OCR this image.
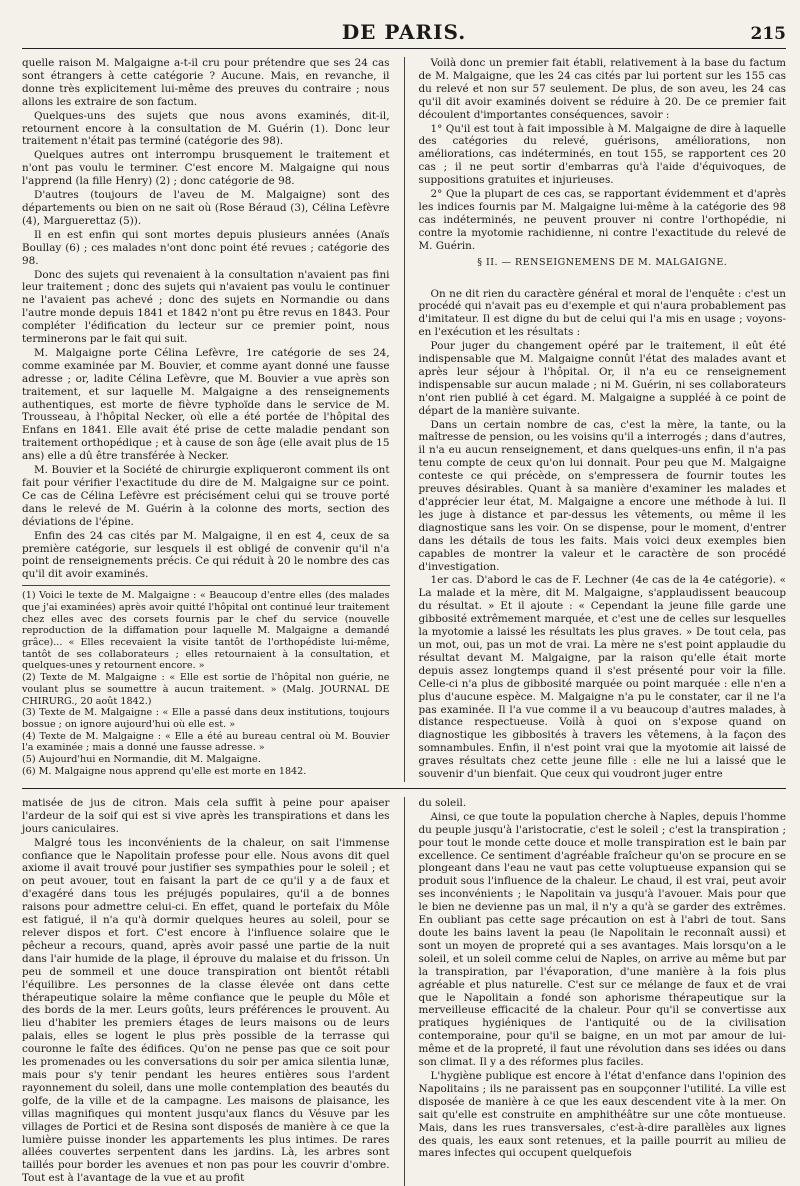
DE PARIS.	215

quelle raison M. Malgaigne a-t-il cru pour prétendre que ses 24 cas sont étrangers à cette catégorie ? Aucune. Mais, en revanche, il donne très explicitement lui-même des preuves du contraire ; nous allons les extraire de son factum.

Quelques-uns des sujets que nous avons examinés, dit-il, retournent encore à la consultation de M. Guérin (1). Donc leur traitement n'était pas terminé (catégorie des 98).

Quelques autres ont interrompu brusquement le traitement et n'ont pas voulu le terminer. C'est encore M. Malgaigne qui nous l'apprend (la fille Henry) (2) ; donc catégorie de 98.

D'autres (toujours de l'aveu de M. Malgaigne) sont des départements ou bien on ne sait où (Rose Béraud (3), Célina Lefèvre (4), Marguerettaz (5)).

Il en est enfin qui sont mortes depuis plusieurs années (Anaïs Boullay (6) ; ces malades n'ont donc point été revues ; catégorie des 98.

Donc des sujets qui revenaient à la consultation n'avaient pas fini leur traitement ; donc des sujets qui n'avaient pas voulu le continuer ne l'avaient pas achevé ; donc des sujets en Normandie ou dans l'autre monde depuis 1841 et 1842 n'ont pu être revus en 1843. Pour compléter l'édification du lecteur sur ce premier point, nous terminerons par le fait qui suit.

M. Malgaigne porte Célina Lefèvre, 1re catégorie de ses 24, comme examinée par M. Bouvier, et comme ayant donné une fausse adresse ; or, ladite Célina Lefèvre, que M. Bouvier a vue après son traitement, et sur laquelle M. Malgaigne a des renseignements authentiques, est morte de fièvre typhoïde dans le service de M. Trousseau, à l'hôpital Necker, où elle a été portée de l'hôpital des Enfans en 1841. Elle avait été prise de cette maladie pendant son traitement orthopédique ; et à cause de son âge (elle avait plus de 15 ans) elle a dû être transférée à Necker.

M. Bouvier et la Société de chirurgie expliqueront comment ils ont fait pour vérifier l'exactitude du dire de M. Malgaigne sur ce point. Ce cas de Célina Lefèvre est précisément celui qui se trouve porté dans le relevé de M. Guérin à la colonne des morts, section des déviations de l'épine.

Enfin des 24 cas cités par M. Malgaigne, il en est 4, ceux de sa première catégorie, sur lesquels il est obligé de convenir qu'il n'a point de renseignements précis. Ce qui réduit à 20 le nombre des cas qu'il dit avoir examinés.

(1) Voici le texte de M. Malgaigne : « Beaucoup d'entre elles (des malades que j'ai examinées) après avoir quitté l'hôpital ont continué leur traitement chez elles avec des corsets fournis par le chef du service (nouvelle reproduction de la diffamation pour laquelle M. Malgaigne a demandé grâce)... « Elles recevaient la visite tantôt de l'orthopédiste lui-même, tantôt de ses collaborateurs ; elles retournaient à la consultation, et quelques-unes y retournent encore. »

(2) Texte de M. Malgaigne : « Elle est sortie de l'hôpital non guérie, ne voulant plus se soumettre à aucun traitement. » (Malg. JOURNAL DE CHIRURG., 20 août 1842.)

(3) Texte de M. Malgaigne : « Elle a passé dans deux institutions, toujours bossue ; on ignore aujourd'hui où elle est. »

(4) Texte de M. Malgaigne : « Elle a été au bureau central où M. Bouvier l'a examinée ; mais a donné une fausse adresse. »

(5) Aujourd'hui en Normandie, dit M. Malgaigne.

(6) M. Malgaigne nous apprend qu'elle est morte en 1842.

Voilà donc un premier fait établi, relativement à la base du factum de M. Malgaigne, que les 24 cas cités par lui portent sur les 155 cas du relevé et non sur 57 seulement. De plus, de son aveu, les 24 cas qu'il dit avoir examinés doivent se réduire à 20. De ce premier fait découlent d'importantes conséquences, savoir :

1° Qu'il est tout à fait impossible à M. Malgaigne de dire à laquelle des catégories du relevé, guérisons, améliorations, non améliorations, cas indéterminés, en tout 155, se rapportent ces 20 cas ; il ne peut sortir d'embarras qu'à l'aide d'équivoques, de suppositions gratuites et injurieuses.

2° Que la plupart de ces cas, se rapportant évidemment et d'après les indices fournis par M. Malgaigne lui-même à la catégorie des 98 cas indéterminés, ne peuvent prouver ni contre l'orthopédie, ni contre la myotomie rachidienne, ni contre l'exactitude du relevé de M. Guérin.

§ II. — RENSEIGNEMENS DE M. MALGAIGNE.

On ne dit rien du caractère général et moral de l'enquête : c'est un procédé qui n'avait pas eu d'exemple et qui n'aura probablement pas d'imitateur. Il est digne du but de celui qui l'a mis en usage ; voyons-en l'exécution et les résultats :

Pour juger du changement opéré par le traitement, il eût été indispensable que M. Malgaigne connût l'état des malades avant et après leur séjour à l'hôpital. Or, il n'a eu ce renseignement indispensable sur aucun malade ; ni M. Guérin, ni ses collaborateurs n'ont rien publié à cet égard. M. Malgaigne a suppléé à ce point de départ de la manière suivante.

Dans un certain nombre de cas, c'est la mère, la tante, ou la maîtresse de pension, ou les voisins qu'il a interrogés ; dans d'autres, il n'a eu aucun renseignement, et dans quelques-uns enfin, il n'a pas tenu compte de ceux qu'on lui donnait. Pour peu que M. Malgaigne conteste ce qui précède, on s'empressera de fournir toutes les preuves désirables. Quant à sa manière d'examiner les malades et d'apprécier leur état, M. Malgaigne a encore une méthode à lui. Il les juge à distance et par-dessus les vêtements, ou même il les diagnostique sans les voir. On se dispense, pour le moment, d'entrer dans les détails de tous les faits. Mais voici deux exemples bien capables de montrer la valeur et le caractère de son procédé d'investigation.

1er cas. D'abord le cas de F. Lechner (4e cas de la 4e catégorie). « La malade et la mère, dit M. Malgaigne, s'applaudissent beaucoup du résultat. » Et il ajoute : « Cependant la jeune fille garde une gibbosité extrêmement marquée, et c'est une de celles sur lesquelles la myotomie a laissé les résultats les plus graves. » De tout cela, pas un mot, oui, pas un mot de vrai. La mère ne s'est point applaudie du résultat devant M. Malgaigne, par la raison qu'elle était morte depuis assez longtemps quand il s'est présenté pour voir la fille. Celle-ci n'a plus de gibbosité marquée ou point marquée : elle n'en a plus d'aucune espèce. M. Malgaigne n'a pu le constater, car il ne l'a pas examinée. Il l'a vue comme il a vu beaucoup d'autres malades, à distance respectueuse. Voilà à quoi on s'expose quand on diagnostique les gibbosités à travers les vêtemens, à la façon des somnambules. Enfin, il n'est point vrai que la myotomie ait laissé de graves résultats chez cette jeune fille : elle ne lui a laissé que le souvenir d'un bienfait. Que ceux qui voudront juger entre

matisée de jus de citron. Mais cela suffit à peine pour apaiser l'ardeur de la soif qui est si vive après les transpirations et dans les jours caniculaires.

Malgré tous les inconvénients de la chaleur, on sait l'immense confiance que le Napolitain professe pour elle. Nous avons dit quel axiome il avait trouvé pour justifier ses sympathies pour le soleil ; et on peut avouer, tout en faisant la part de ce qu'il y a de faux et d'exagéré dans tous les préjugés populaires, qu'il a de bonnes raisons pour admettre celui-ci. En effet, quand le portefaix du Môle est fatigué, il n'a qu'à dormir quelques heures au soleil, pour se relever dispos et fort. C'est encore à l'influence solaire que le pêcheur a recours, quand, après avoir passé une partie de la nuit dans l'air humide de la plage, il éprouve du malaise et du frisson. Un peu de sommeil et une douce transpiration ont bientôt rétabli l'équilibre. Les personnes de la classe élevée ont dans cette thérapeutique solaire la même confiance que le peuple du Môle et des bords de la mer. Leurs goûts, leurs préférences le prouvent. Au lieu d'habiter les premiers étages de leurs maisons ou de leurs palais, elles se logent le plus près possible de la terrasse qui couronne le faîte des édifices. Qu'on ne pense pas que ce soit pour les promenades ou les conversations du soir per amica silentia lunæ, mais pour s'y tenir pendant les heures entières sous l'ardent rayonnement du soleil, dans une molle contemplation des beautés du golfe, de la ville et de la campagne. Les maisons de plaisance, les villas magnifiques qui montent jusqu'aux flancs du Vésuve par les villages de Portici et de Resina sont disposés de manière à ce que la lumière puisse inonder les appartements les plus intimes. De rares allées couvertes serpentent dans les jardins. Là, les arbres sont taillés pour border les avenues et non pas pour les couvrir d'ombre. Tout est à l'avantage de la vue et au profit

du soleil.

Ainsi, ce que toute la population cherche à Naples, depuis l'homme du peuple jusqu'à l'aristocratie, c'est le soleil ; c'est la transpiration ; pour tout le monde cette douce et molle transpiration est le bain par excellence. Ce sentiment d'agréable fraîcheur qu'on se procure en se plongeant dans l'eau ne vaut pas cette voluptueuse expansion qui se produit sous l'influence de la chaleur. Le chaud, il est vrai, peut avoir ses inconvénients ; le Napolitain va jusqu'à l'avouer. Mais pour que le bien ne devienne pas un mal, il n'y a qu'à se garder des extrêmes. En oubliant pas cette sage précaution on est à l'abri de tout. Sans doute les bains lavent la peau (le Napolitain le reconnaît aussi) et sont un moyen de propreté qui a ses avantages. Mais lorsqu'on a le soleil, et un soleil comme celui de Naples, on arrive au même but par la transpiration, par l'évaporation, d'une manière à la fois plus agréable et plus naturelle. C'est sur ce mélange de faux et de vrai que le Napolitain a fondé son aphorisme thérapeutique sur la merveilleuse efficacité de la chaleur. Pour qu'il se convertisse aux pratiques hygiéniques de l'antiquité ou de la civilisation contemporaine, pour qu'il se baigne, en un mot par amour de lui-même et de la propreté, il faut une révolution dans ses idées ou dans son climat. Il y a des réformes plus faciles.

L'hygiène publique est encore à l'état d'enfance dans l'opinion des Napolitains ; ils ne paraissent pas en soupçonner l'utilité. La ville est disposée de manière à ce que les eaux descendent vite à la mer. On sait qu'elle est construite en amphithéâtre sur une côte montueuse. Mais, dans les rues transversales, c'est-à-dire parallèles aux lignes des quais, les eaux sont retenues, et la paille pourrit au milieu de mares infectes qui occupent quelquefois
